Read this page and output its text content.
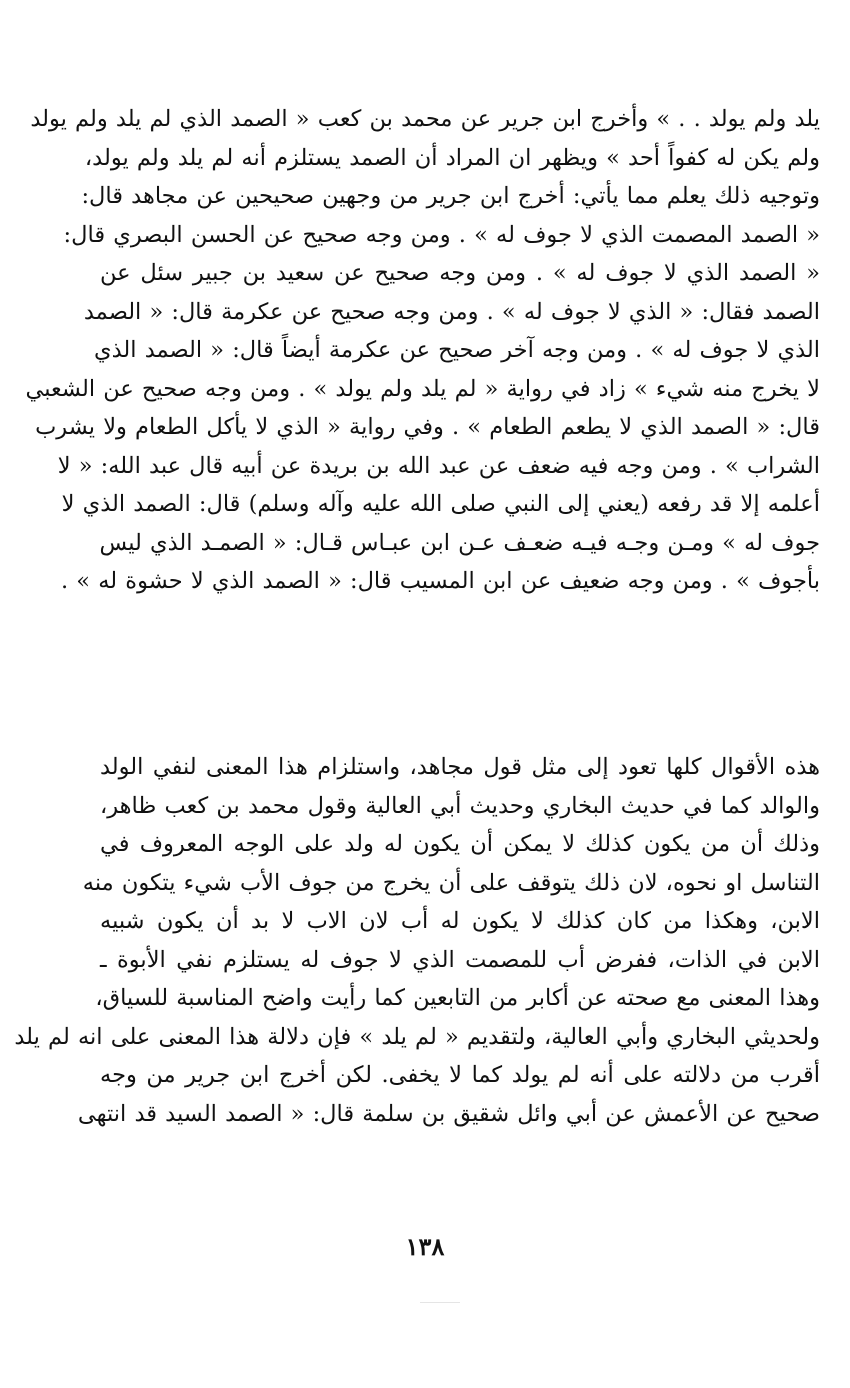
يلد ولم يولد . . » وأخرج ابن جرير عن محمد بن كعب « الصمد الذي لم يلد ولم يولد
ولم يكن له كفواً أحد » ويظهر ان المراد أن الصمد يستلزم أنه لم يلد ولم يولد،
وتوجيه ذلك يعلم مما يأتي: أخرج ابن جرير من وجهين صحيحين عن مجاهد قال:
« الصمد المصمت الذي لا جوف له » . ومن وجه صحيح عن الحسن البصري قال:
« الصمد الذي لا جوف له » . ومن وجه صحيح عن سعيد بن جبير سئل عن
الصمد فقال: « الذي لا جوف له » . ومن وجه صحيح عن عكرمة قال: « الصمد
الذي لا جوف له » . ومن وجه آخر صحيح عن عكرمة أيضاً قال: « الصمد الذي
لا يخرج منه شيء » زاد في رواية « لم يلد ولم يولد » . ومن وجه صحيح عن الشعبي
قال: « الصمد الذي لا يطعم الطعام » . وفي رواية « الذي لا يأكل الطعام ولا يشرب
الشراب » . ومن وجه فيه ضعف عن عبد الله بن بريدة عن أبيه قال عبد الله: « لا
أعلمه إلا قد رفعه (يعني إلى النبي صلى الله عليه وآله وسلم) قال: الصمد الذي لا
جوف له » ومـن وجـه فيـه ضعـف عـن ابن عبـاس قـال: « الصمـد الذي ليس
بأجوف » . ومن وجه ضعيف عن ابن المسيب قال: « الصمد الذي لا حشوة له » .
هذه الأقوال كلها تعود إلى مثل قول مجاهد، واستلزام هذا المعنى لنفي الولد
والوالد كما في حديث البخاري وحديث أبي العالية وقول محمد بن كعب ظاهر،
وذلك أن من يكون كذلك لا يمكن أن يكون له ولد على الوجه المعروف في
التناسل او نحوه، لان ذلك يتوقف على أن يخرج من جوف الأب شيء يتكون منه
الابن، وهكذا من كان كذلك لا يكون له أب لان الاب لا بد أن يكون شبيه
الابن في الذات، ففرض أب للمصمت الذي لا جوف له يستلزم نفي الأبوة ـ
وهذا المعنى مع صحته عن أكابر من التابعين كما رأيت واضح المناسبة للسياق،
ولحديثي البخاري وأبي العالية، ولتقديم « لم يلد » فإن دلالة هذا المعنى على انه لم يلد
أقرب من دلالته على أنه لم يولد كما لا يخفى. لكن أخرج ابن جرير من وجه
صحيح عن الأعمش عن أبي وائل شقيق بن سلمة قال: « الصمد السيد قد انتهى
١٣٨
